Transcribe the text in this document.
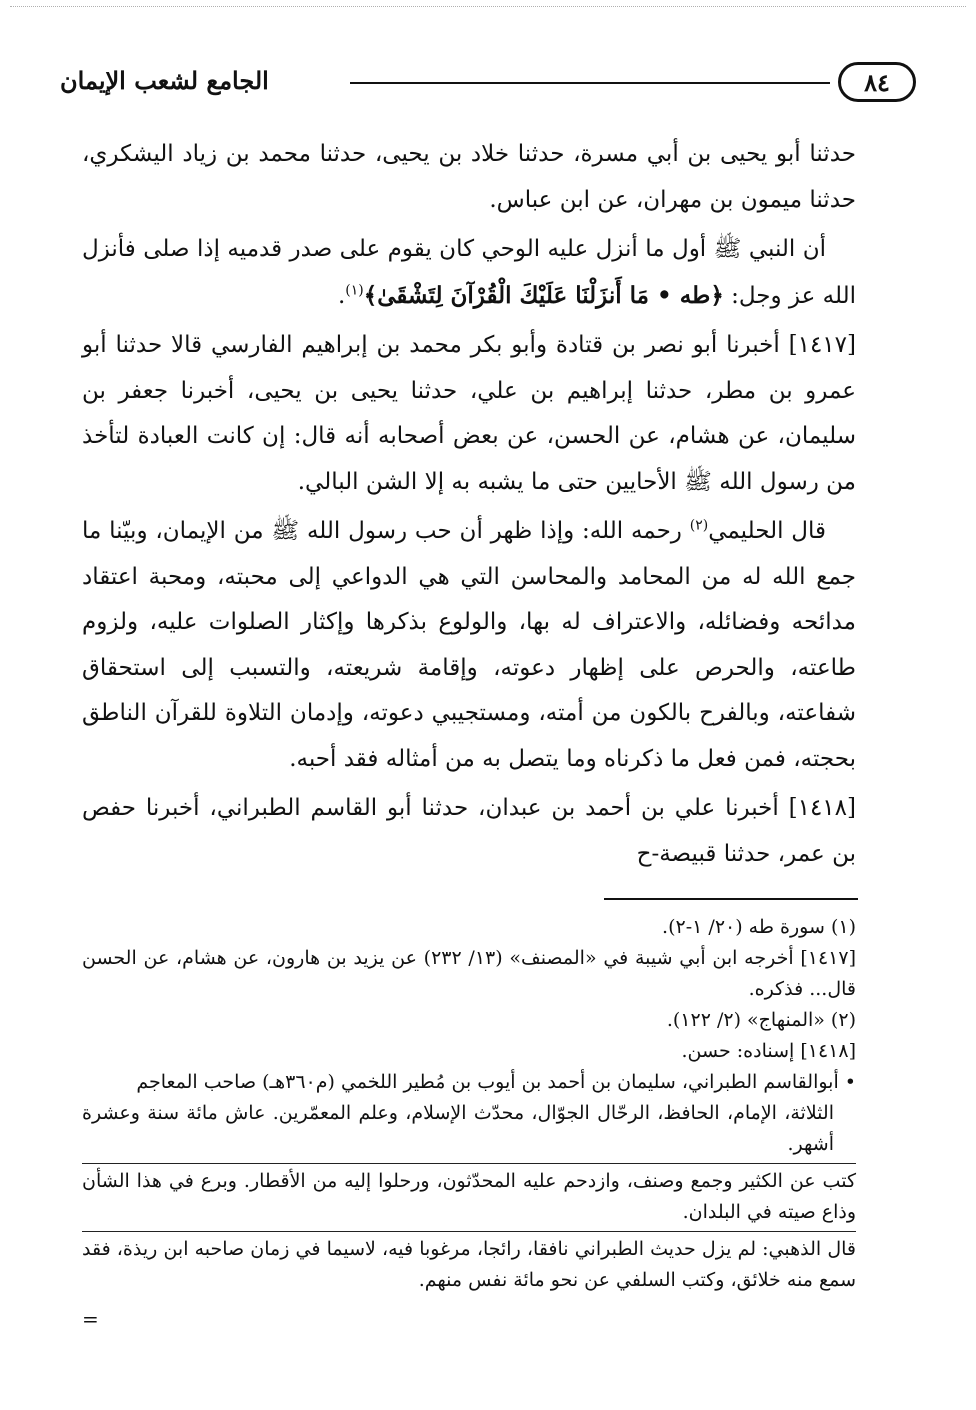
٨٤
الجامع لشعب الإيمان

حدثنا أبو يحيى بن أبي مسرة، حدثنا خلاد بن يحيى، حدثنا محمد بن زياد اليشكري، حدثنا ميمون بن مهران، عن ابن عباس.

أن النبي ﷺ أول ما أنزل عليه الوحي كان يقوم على صدر قدميه إذا صلى فأنزل الله عز وجل: ﴿طه • مَا أَنزَلْنَا عَلَيْكَ الْقُرْآنَ لِتَشْقَىٰ﴾$^{(١)}$.

[١٤١٧] أخبرنا أبو نصر بن قتادة وأبو بكر محمد بن إبراهيم الفارسي قالا حدثنا أبو عمرو بن مطر، حدثنا إبراهيم بن علي، حدثنا يحيى بن يحيى، أخبرنا جعفر بن سليمان، عن هشام، عن الحسن، عن بعض أصحابه أنه قال: إن كانت العبادة لتأخذ من رسول الله ﷺ الأحايين حتى ما يشبه به إلا الشن البالي.

قال الحليمي$^{(٢)}$ رحمه الله: وإذا ظهر أن حب رسول الله ﷺ من الإيمان، وبيّنا ما جمع الله له من المحامد والمحاسن التي هي الدواعي إلى محبته، ومحبة اعتقاد مدائحه وفضائله، والاعتراف له بها، والولوع بذكرها وإكثار الصلوات عليه، ولزوم طاعته، والحرص على إظهار دعوته، وإقامة شريعته، والتسبب إلى استحقاق شفاعته، وبالفرح بالكون من أمته، ومستجيبي دعوته، وإدمان التلاوة للقرآن الناطق بحجته، فمن فعل ما ذكرناه وما يتصل به من أمثاله فقد أحبه.

[١٤١٨] أخبرنا علي بن أحمد بن عبدان، حدثنا أبو القاسم الطبراني، أخبرنا حفص بن عمر، حدثنا قبيصة-ح

(١) سورة طه (٢٠/ ١-٢).

[١٤١٧] أخرجه ابن أبي شيبة في «المصنف» (١٣/ ٢٣٢) عن يزيد بن هارون، عن هشام، عن الحسن قال... فذكره.

(٢) «المنهاج» (٢/ ١٢٢).

[١٤١٨] إسناده: حسن.

• أبوالقاسم الطبراني، سليمان بن أحمد بن أيوب بن مُطير اللخمي (م٣٦٠هـ) صاحب المعاجم

الثلاثة، الإمام، الحافظ، الرحّال الجوّال، محدّث الإسلام، وعلم المعمّرين. عاش مائة سنة وعشرة أشهر.

كتب عن الكثير وجمع وصنف، وازدحم عليه المحدّثون، ورحلوا إليه من الأقطار. وبرع في هذا الشأن وذاع صيته في البلدان.

قال الذهبي: لم يزل حديث الطبراني نافقا، رائجا، مرغوبا فيه، لاسيما في زمان صاحبه ابن ريذة، فقد سمع منه خلائق، وكتب السلفي عن نحو مائة نفس منهم.

=
